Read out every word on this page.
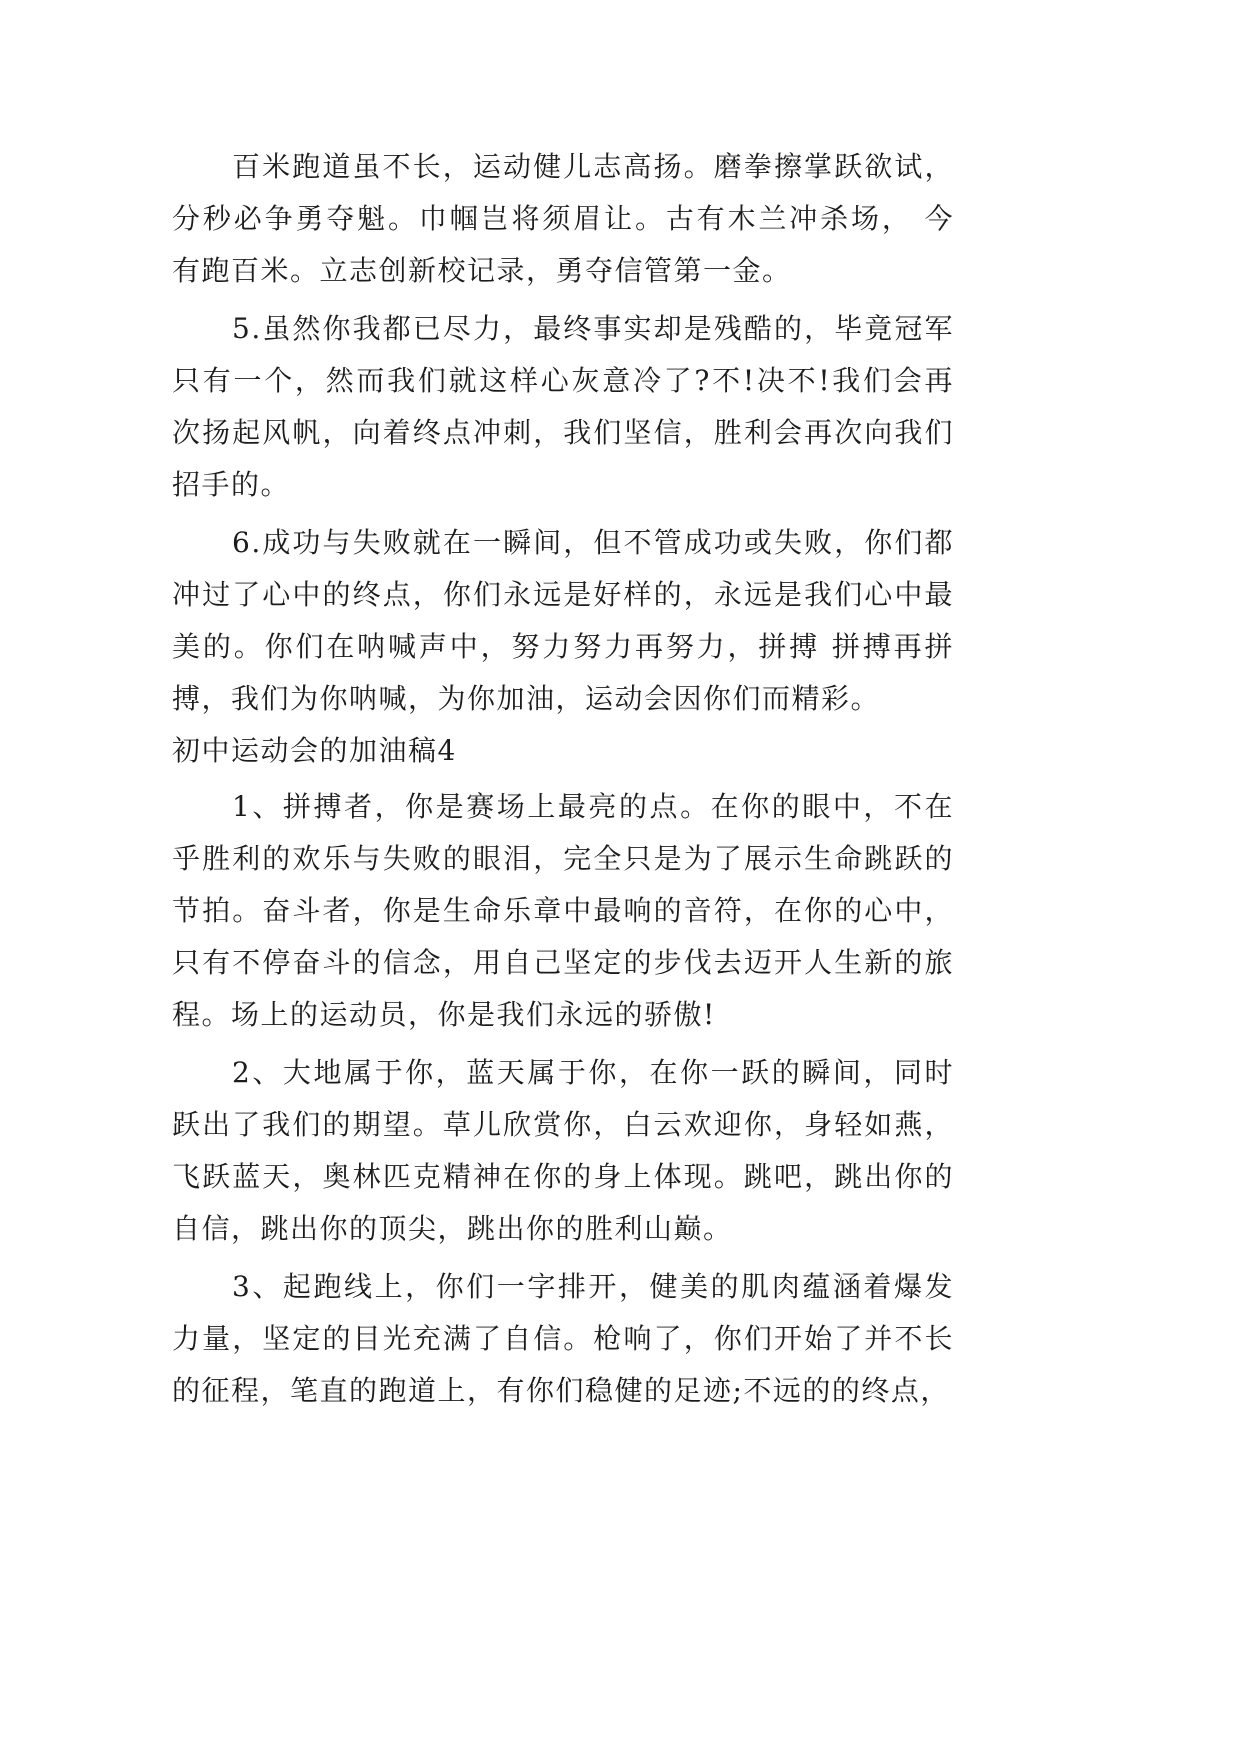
百米跑道虽不长，运动健儿志高扬。磨拳擦掌跃欲试，
分秒必争勇夺魁。巾帼岂将须眉让。古有木兰冲杀场， 今
有跑百米。立志创新校记录，勇夺信管第一金。
5.虽然你我都已尽力，最终事实却是残酷的，毕竟冠军
只有一个，然而我们就这样心灰意冷了?不!决不!我们会再
次扬起风帆，向着终点冲刺，我们坚信，胜利会再次向我们
招手的。
6.成功与失败就在一瞬间，但不管成功或失败，你们都
冲过了心中的终点，你们永远是好样的，永远是我们心中最
美的。你们在呐喊声中，努力努力再努力，拼搏 拼搏再拼
搏，我们为你呐喊，为你加油，运动会因你们而精彩。
初中运动会的加油稿4
1、拼搏者，你是赛场上最亮的点。在你的眼中，不在
乎胜利的欢乐与失败的眼泪，完全只是为了展示生命跳跃的
节拍。奋斗者，你是生命乐章中最响的音符，在你的心中，
只有不停奋斗的信念，用自己坚定的步伐去迈开人生新的旅
程。场上的运动员，你是我们永远的骄傲!
2、大地属于你，蓝天属于你，在你一跃的瞬间，同时
跃出了我们的期望。草儿欣赏你，白云欢迎你，身轻如燕，
飞跃蓝天，奥林匹克精神在你的身上体现。跳吧，跳出你的
自信，跳出你的顶尖，跳出你的胜利山巅。
3、起跑线上，你们一字排开，健美的肌肉蕴涵着爆发
力量，坚定的目光充满了自信。枪响了，你们开始了并不长
的征程，笔直的跑道上，有你们稳健的足迹;不远的的终点，
